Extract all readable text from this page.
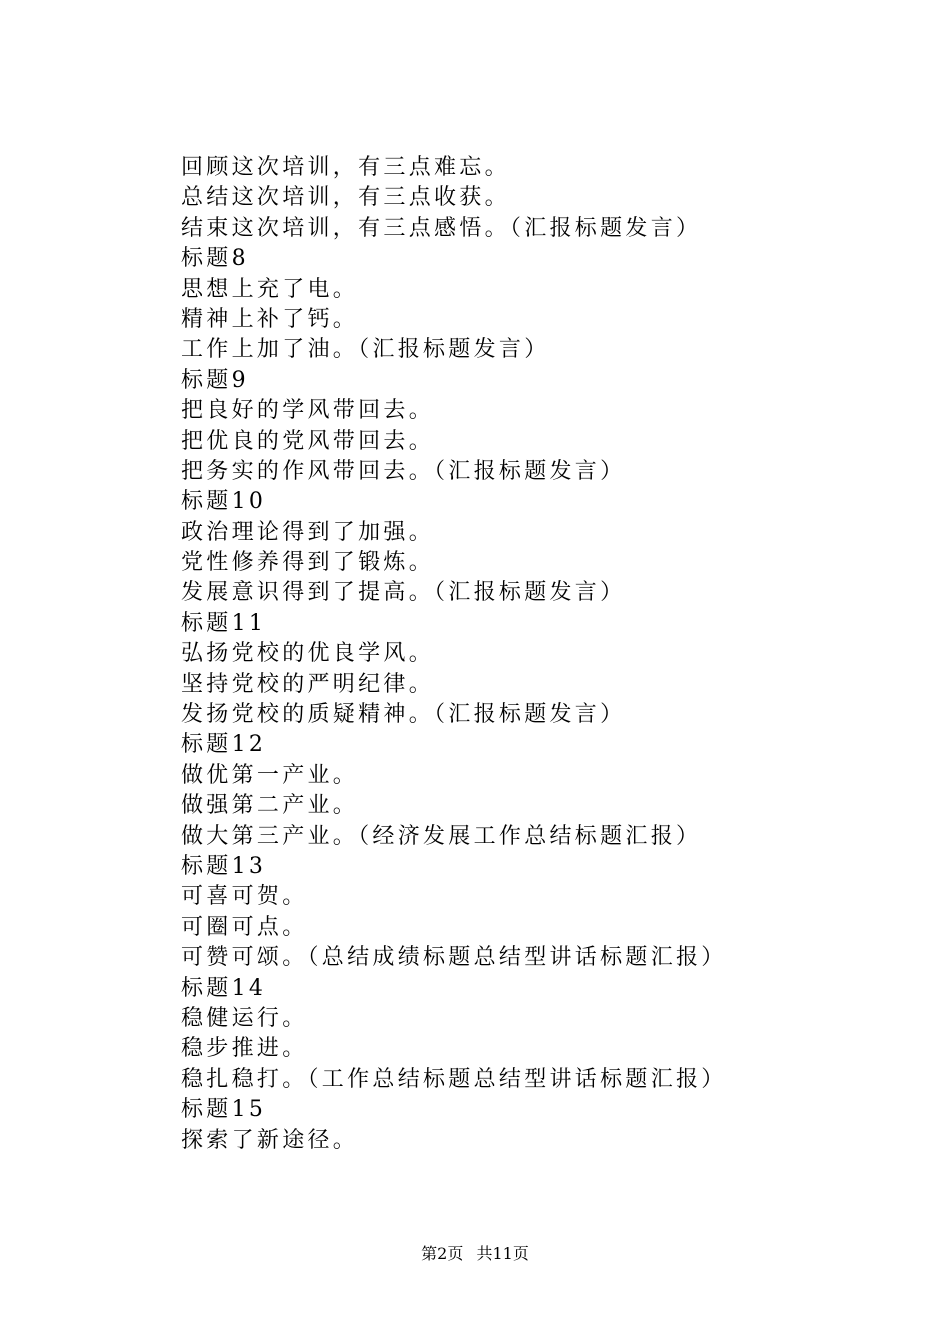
回顾这次培训，有三点难忘。
总结这次培训，有三点收获。
结束这次培训，有三点感悟。（汇报标题发言）
标题8
思想上充了电。
精神上补了钙。
工作上加了油。（汇报标题发言）
标题9
把良好的学风带回去。
把优良的党风带回去。
把务实的作风带回去。（汇报标题发言）
标题10
政治理论得到了加强。
党性修养得到了锻炼。
发展意识得到了提高。（汇报标题发言）
标题11
弘扬党校的优良学风。
坚持党校的严明纪律。
发扬党校的质疑精神。（汇报标题发言）
标题12
做优第一产业。
做强第二产业。
做大第三产业。（经济发展工作总结标题汇报）
标题13
可喜可贺。
可圈可点。
可赞可颂。（总结成绩标题总结型讲话标题汇报）
标题14
稳健运行。
稳步推进。
稳扎稳打。（工作总结标题总结型讲话标题汇报）
标题15
探索了新途径。
第2页 共11页
